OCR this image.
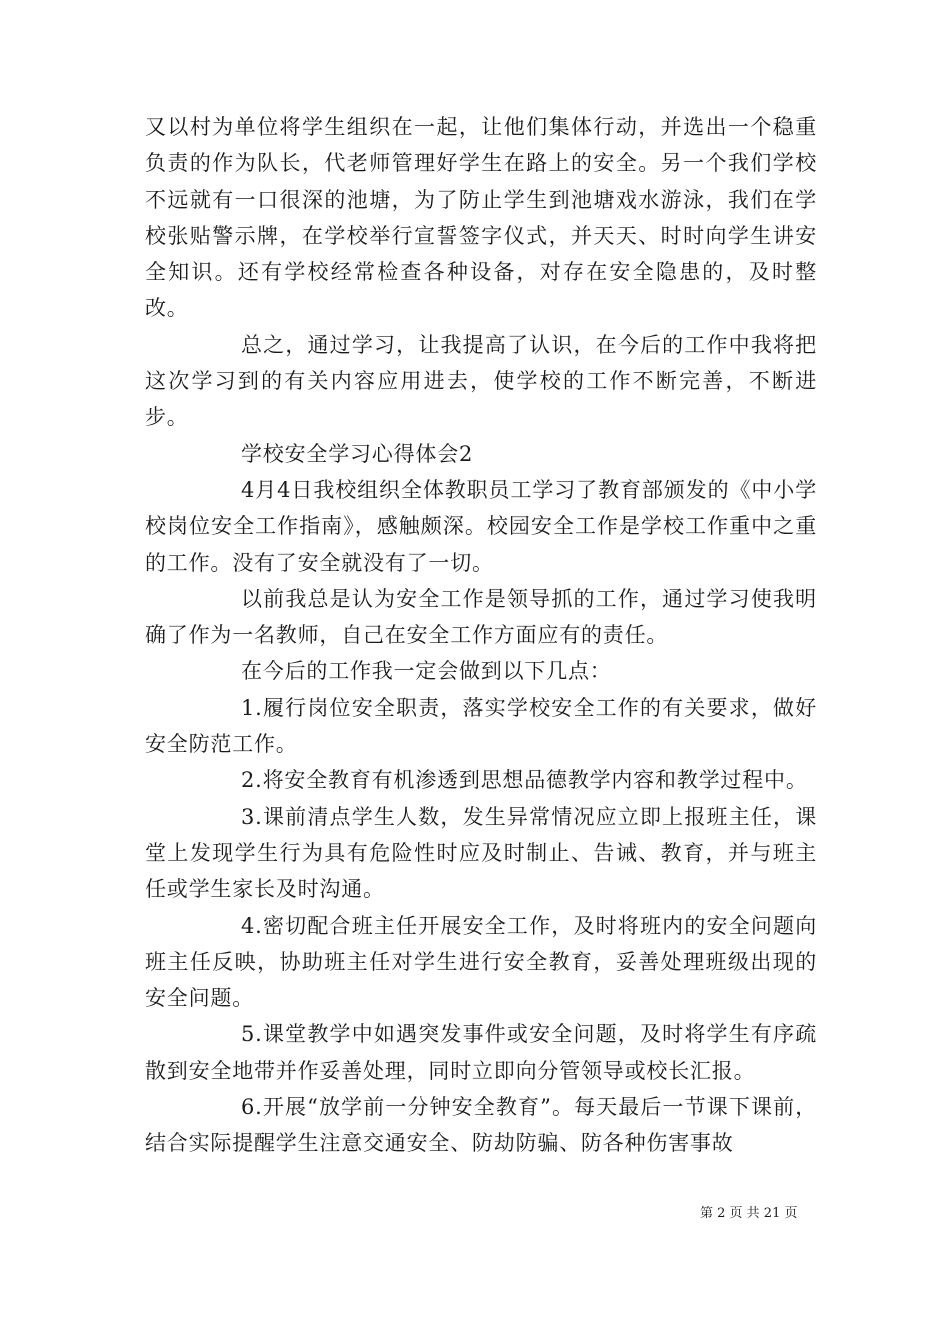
又以村为单位将学生组织在一起，让他们集体行动，并选出一个稳重负责的作为队长，代老师管理好学生在路上的安全。另一个我们学校不远就有一口很深的池塘，为了防止学生到池塘戏水游泳，我们在学校张贴警示牌，在学校举行宣誓签字仪式，并天天、时时向学生讲安全知识。还有学校经常检查各种设备，对存在安全隐患的，及时整改。

总之，通过学习，让我提高了认识，在今后的工作中我将把这次学习到的有关内容应用进去，使学校的工作不断完善，不断进步。

学校安全学习心得体会2

4月4日我校组织全体教职员工学习了教育部颁发的《中小学校岗位安全工作指南》，感触颇深。校园安全工作是学校工作重中之重的工作。没有了安全就没有了一切。

以前我总是认为安全工作是领导抓的工作，通过学习使我明确了作为一名教师，自己在安全工作方面应有的责任。

在今后的工作我一定会做到以下几点：

1.履行岗位安全职责，落实学校安全工作的有关要求，做好安全防范工作。

2.将安全教育有机渗透到思想品德教学内容和教学过程中。

3.课前清点学生人数，发生异常情况应立即上报班主任，课堂上发现学生行为具有危险性时应及时制止、告诫、教育，并与班主任或学生家长及时沟通。

4.密切配合班主任开展安全工作，及时将班内的安全问题向班主任反映，协助班主任对学生进行安全教育，妥善处理班级出现的安全问题。

5.课堂教学中如遇突发事件或安全问题，及时将学生有序疏散到安全地带并作妥善处理，同时立即向分管领导或校长汇报。

6.开展“放学前一分钟安全教育”。每天最后一节课下课前，结合实际提醒学生注意交通安全、防劫防骗、防各种伤害事故

第 2 页 共 21 页
